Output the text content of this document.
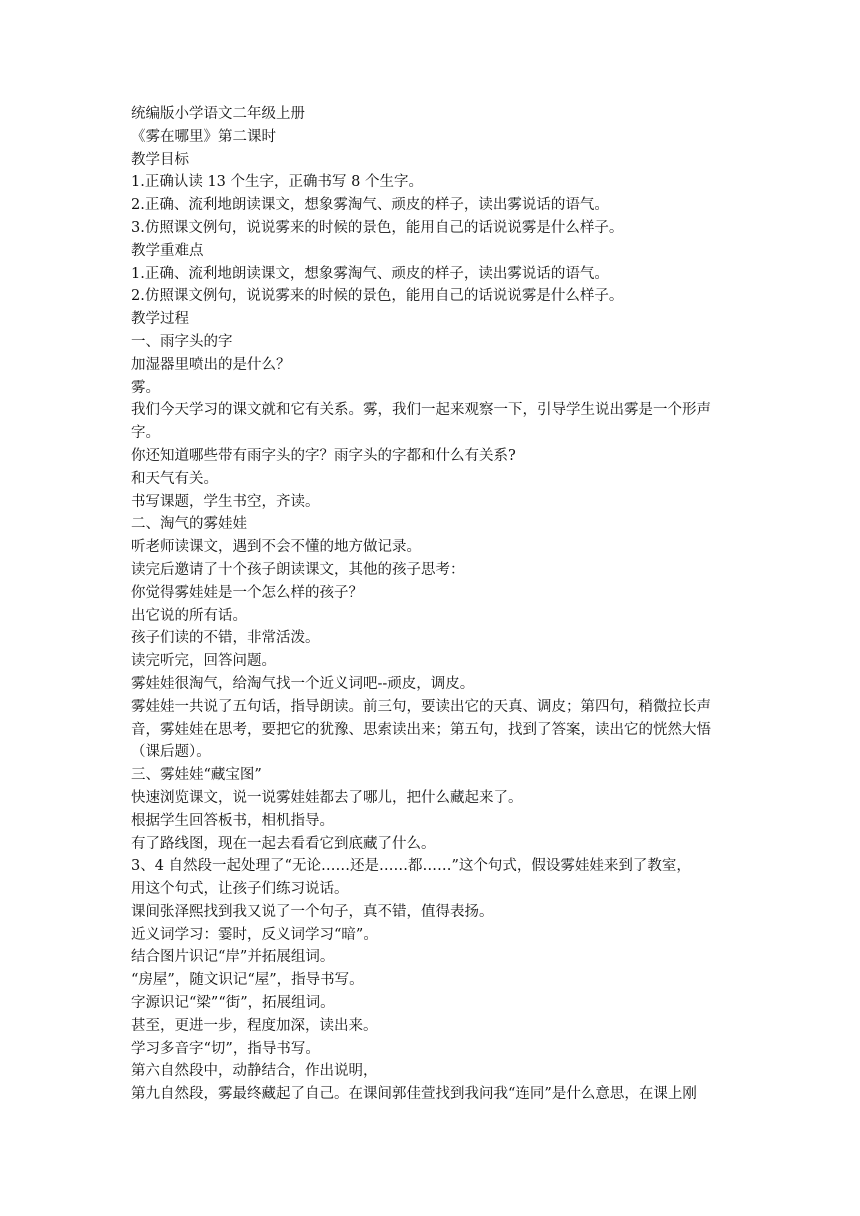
统编版小学语文二年级上册
《雾在哪里》第二课时
教学目标
1.正确认读 13 个生字，正确书写 8 个生字。
2.正确、流利地朗读课文，想象雾淘气、顽皮的样子，读出雾说话的语气。
3.仿照课文例句，说说雾来的时候的景色，能用自己的话说说雾是什么样子。
教学重难点
1.正确、流利地朗读课文，想象雾淘气、顽皮的样子，读出雾说话的语气。
2.仿照课文例句，说说雾来的时候的景色，能用自己的话说说雾是什么样子。
教学过程
一、雨字头的字
加湿器里喷出的是什么？
雾。
我们今天学习的课文就和它有关系。雾，我们一起来观察一下，引导学生说出雾是一个形声
字。
你还知道哪些带有雨字头的字？雨字头的字都和什么有关系?
和天气有关。
书写课题，学生书空，齐读。
二、淘气的雾娃娃
听老师读课文，遇到不会不懂的地方做记录。
读完后邀请了十个孩子朗读课文，其他的孩子思考：
你觉得雾娃娃是一个怎么样的孩子？
出它说的所有话。
孩子们读的不错，非常活泼。
读完听完，回答问题。
雾娃娃很淘气，给淘气找一个近义词吧--顽皮，调皮。
雾娃娃一共说了五句话，指导朗读。前三句，要读出它的天真、调皮；第四句，稍微拉长声
音，雾娃娃在思考，要把它的犹豫、思索读出来；第五句，找到了答案，读出它的恍然大悟
（课后题）。
三、雾娃娃“藏宝图”
快速浏览课文，说一说雾娃娃都去了哪儿，把什么藏起来了。
根据学生回答板书，相机指导。
有了路线图，现在一起去看看它到底藏了什么。
3、4 自然段一起处理了“无论……还是……都……”这个句式，假设雾娃娃来到了教室，
用这个句式，让孩子们练习说话。
课间张泽熙找到我又说了一个句子，真不错，值得表扬。
近义词学习：霎时，反义词学习“暗”。
结合图片识记“岸”并拓展组词。
“房屋”，随文识记“屋”，指导书写。
字源识记“梁”“街”，拓展组词。
甚至，更进一步，程度加深，读出来。
学习多音字“切”，指导书写。
第六自然段中，动静结合，作出说明，
第九自然段，雾最终藏起了自己。在课间郭佳萱找到我问我“连同”是什么意思，在课上刚
